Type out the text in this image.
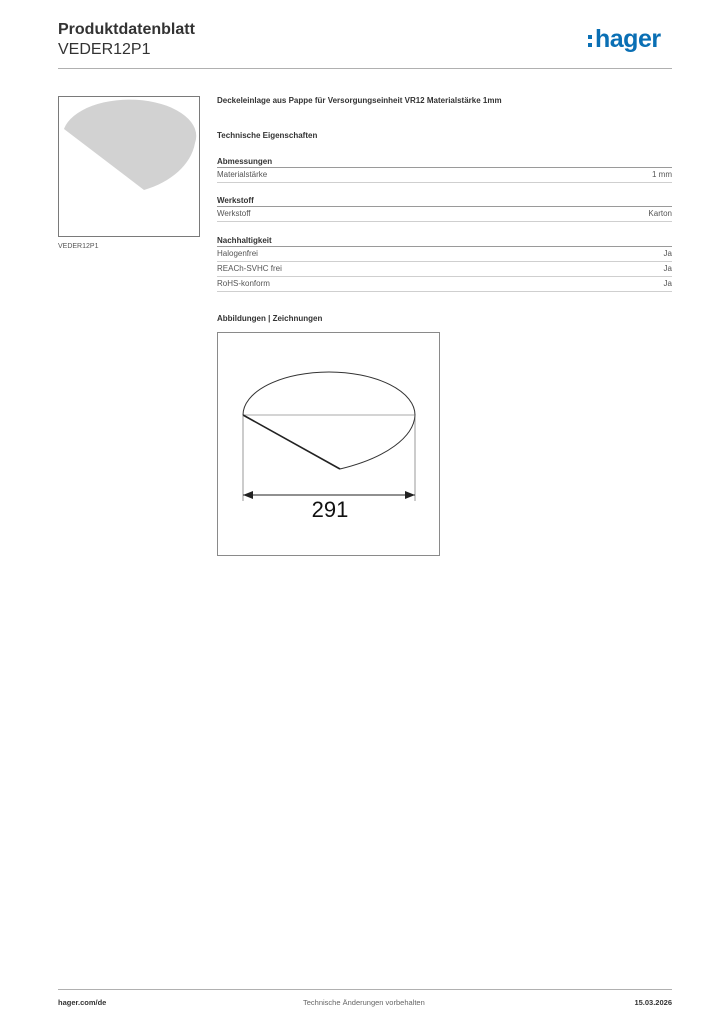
Produktdatenblatt
VEDER12P1	hager
VEDER12P1
Deckeleinlage aus Pappe für Versorgungseinheit VR12 Materialstärke 1mm
Technische Eigenschaften
Abmessungen
Materialstärke	1 mm
Werkstoff
Werkstoff	Karton
Nachhaltigkeit
Halogenfrei	Ja
REACh-SVHC frei	Ja
RoHS-konform	Ja
Abbildungen | Zeichnungen
291
hager.com/de	Technische Änderungen vorbehalten	15.03.2026
